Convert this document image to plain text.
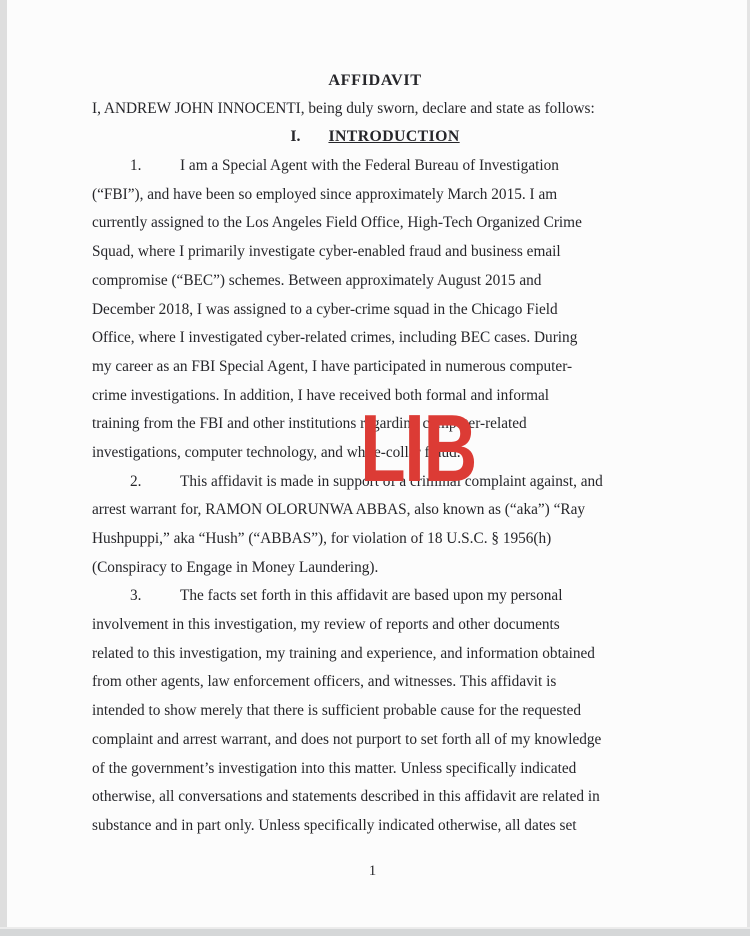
AFFIDAVIT
I, ANDREW JOHN INNOCENTI, being duly sworn, declare and state as follows:
I. INTRODUCTION
1.	I am a Special Agent with the Federal Bureau of Investigation
(“FBI”), and have been so employed since approximately March 2015. I am
currently assigned to the Los Angeles Field Office, High-Tech Organized Crime
Squad, where I primarily investigate cyber-enabled fraud and business email
compromise (“BEC”) schemes. Between approximately August 2015 and
December 2018, I was assigned to a cyber-crime squad in the Chicago Field
Office, where I investigated cyber-related crimes, including BEC cases. During
my career as an FBI Special Agent, I have participated in numerous computer-
crime investigations. In addition, I have received both formal and informal
training from the FBI and other institutions regarding computer-related
investigations, computer technology, and white-collar fraud.
2.	This affidavit is made in support of a criminal complaint against, and
arrest warrant for, RAMON OLORUNWA ABBAS, also known as (“aka”) “Ray
Hushpuppi,” aka “Hush” (“ABBAS”), for violation of 18 U.S.C. § 1956(h)
(Conspiracy to Engage in Money Laundering).
3.	The facts set forth in this affidavit are based upon my personal
involvement in this investigation, my review of reports and other documents
related to this investigation, my training and experience, and information obtained
from other agents, law enforcement officers, and witnesses. This affidavit is
intended to show merely that there is sufficient probable cause for the requested
complaint and arrest warrant, and does not purport to set forth all of my knowledge
of the government’s investigation into this matter. Unless specifically indicated
otherwise, all conversations and statements described in this affidavit are related in
substance and in part only. Unless specifically indicated otherwise, all dates set
LIB
1
